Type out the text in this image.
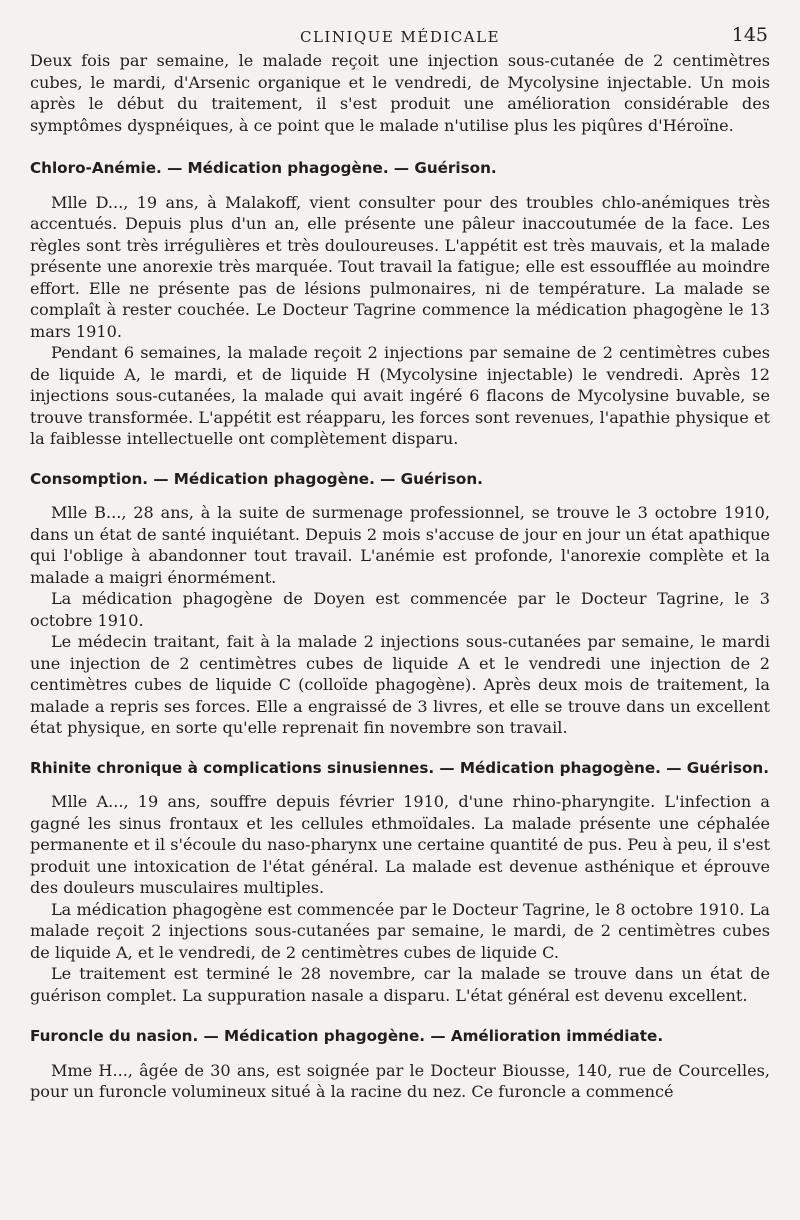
CLINIQUE MÉDICALE	145

Deux fois par semaine, le malade reçoit une injection sous-cutanée de 2 centimètres cubes, le mardi, d'Arsenic organique et le vendredi, de Mycolysine injectable. Un mois après le début du traitement, il s'est produit une amélioration considérable des symptômes dyspnéiques, à ce point que le malade n'utilise plus les piqûres d'Héroïne.

Chloro-Anémie. — Médication phagogène. — Guérison.

Mlle D..., 19 ans, à Malakoff, vient consulter pour des troubles chlo-anémiques très accentués. Depuis plus d'un an, elle présente une pâleur inaccoutumée de la face. Les règles sont très irrégulières et très douloureuses. L'appétit est très mauvais, et la malade présente une anorexie très marquée. Tout travail la fatigue; elle est essoufflée au moindre effort. Elle ne présente pas de lésions pulmonaires, ni de température. La malade se complaît à rester couchée. Le Docteur Tagrine commence la médication phagogène le 13 mars 1910.

Pendant 6 semaines, la malade reçoit 2 injections par semaine de 2 centimètres cubes de liquide A, le mardi, et de liquide H (Mycolysine injectable) le vendredi. Après 12 injections sous-cutanées, la malade qui avait ingéré 6 flacons de Mycolysine buvable, se trouve transformée. L'appétit est réapparu, les forces sont revenues, l'apathie physique et la faiblesse intellectuelle ont complètement disparu.

Consomption. — Médication phagogène. — Guérison.

Mlle B..., 28 ans, à la suite de surmenage professionnel, se trouve le 3 octobre 1910, dans un état de santé inquiétant. Depuis 2 mois s'accuse de jour en jour un état apathique qui l'oblige à abandonner tout travail. L'anémie est profonde, l'anorexie complète et la malade a maigri énormément.

La médication phagogène de Doyen est commencée par le Docteur Tagrine, le 3 octobre 1910.

Le médecin traitant, fait à la malade 2 injections sous-cutanées par semaine, le mardi une injection de 2 centimètres cubes de liquide A et le vendredi une injection de 2 centimètres cubes de liquide C (colloïde phagogène). Après deux mois de traitement, la malade a repris ses forces. Elle a engraissé de 3 livres, et elle se trouve dans un excellent état physique, en sorte qu'elle reprenait fin novembre son travail.

Rhinite chronique à complications sinusiennes. — Médication phagogène. — Guérison.

Mlle A..., 19 ans, souffre depuis février 1910, d'une rhino-pharyngite. L'infection a gagné les sinus frontaux et les cellules ethmoïdales. La malade présente une céphalée permanente et il s'écoule du naso-pharynx une certaine quantité de pus. Peu à peu, il s'est produit une intoxication de l'état général. La malade est devenue asthénique et éprouve des douleurs musculaires multiples.

La médication phagogène est commencée par le Docteur Tagrine, le 8 octobre 1910. La malade reçoit 2 injections sous-cutanées par semaine, le mardi, de 2 centimètres cubes de liquide A, et le vendredi, de 2 centimètres cubes de liquide C.

Le traitement est terminé le 28 novembre, car la malade se trouve dans un état de guérison complet. La suppuration nasale a disparu. L'état général est devenu excellent.

Furoncle du nasion. — Médication phagogène. — Amélioration immédiate.

Mme H..., âgée de 30 ans, est soignée par le Docteur Biousse, 140, rue de Courcelles, pour un furoncle volumineux situé à la racine du nez. Ce furoncle a commencé
